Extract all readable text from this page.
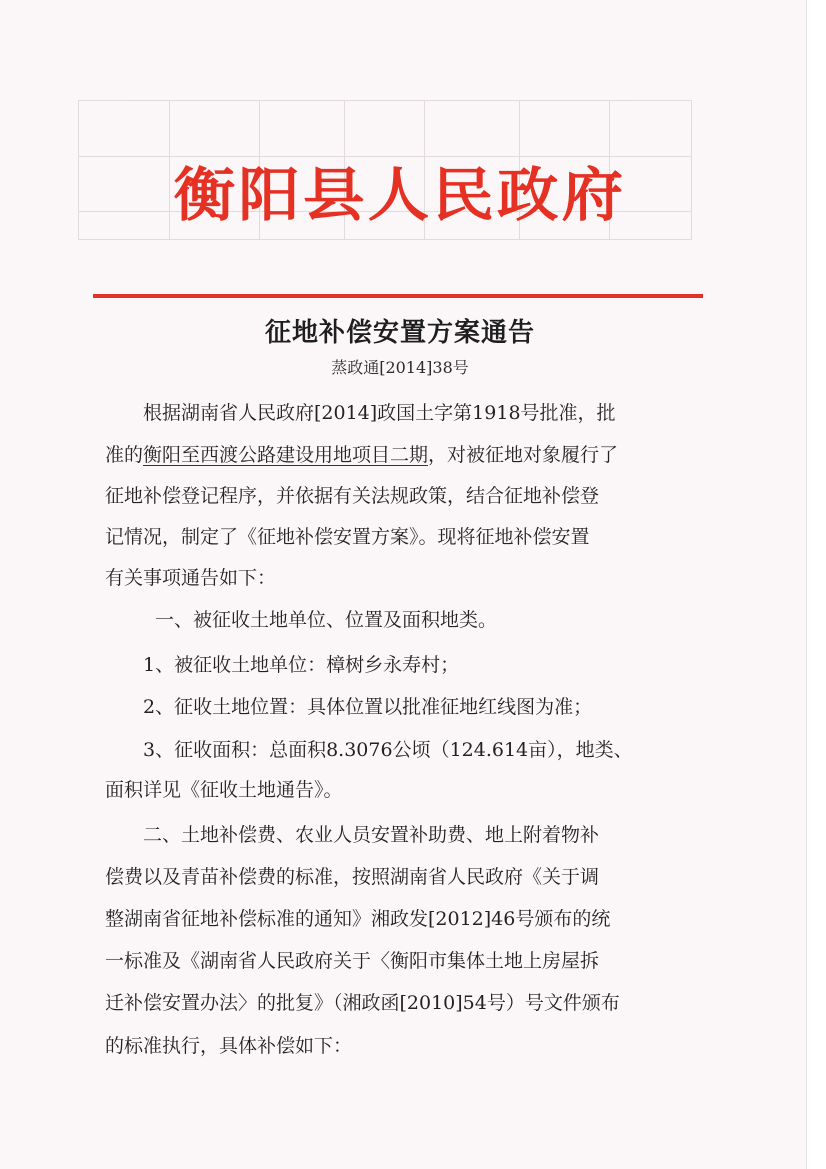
衡阳县人民政府
征地补偿安置方案通告
蒸政通[2014]38号
根据湖南省人民政府[2014]政国土字第1918号批准，批
准的衡阳至西渡公路建设用地项目二期，对被征地对象履行了
征地补偿登记程序，并依据有关法规政策，结合征地补偿登
记情况，制定了《征地补偿安置方案》。现将征地补偿安置
有关事项通告如下：
一、被征收土地单位、位置及面积地类。
1、被征收土地单位：樟树乡永寿村；
2、征收土地位置：具体位置以批准征地红线图为准；
3、征收面积：总面积8.3076公顷（124.614亩），地类、
面积详见《征收土地通告》。
二、土地补偿费、农业人员安置补助费、地上附着物补
偿费以及青苗补偿费的标准，按照湖南省人民政府《关于调
整湖南省征地补偿标准的通知》湘政发[2012]46号颁布的统
一标准及《湖南省人民政府关于〈衡阳市集体土地上房屋拆
迁补偿安置办法〉的批复》（湘政函[2010]54号）号文件颁布
的标准执行，具体补偿如下：
